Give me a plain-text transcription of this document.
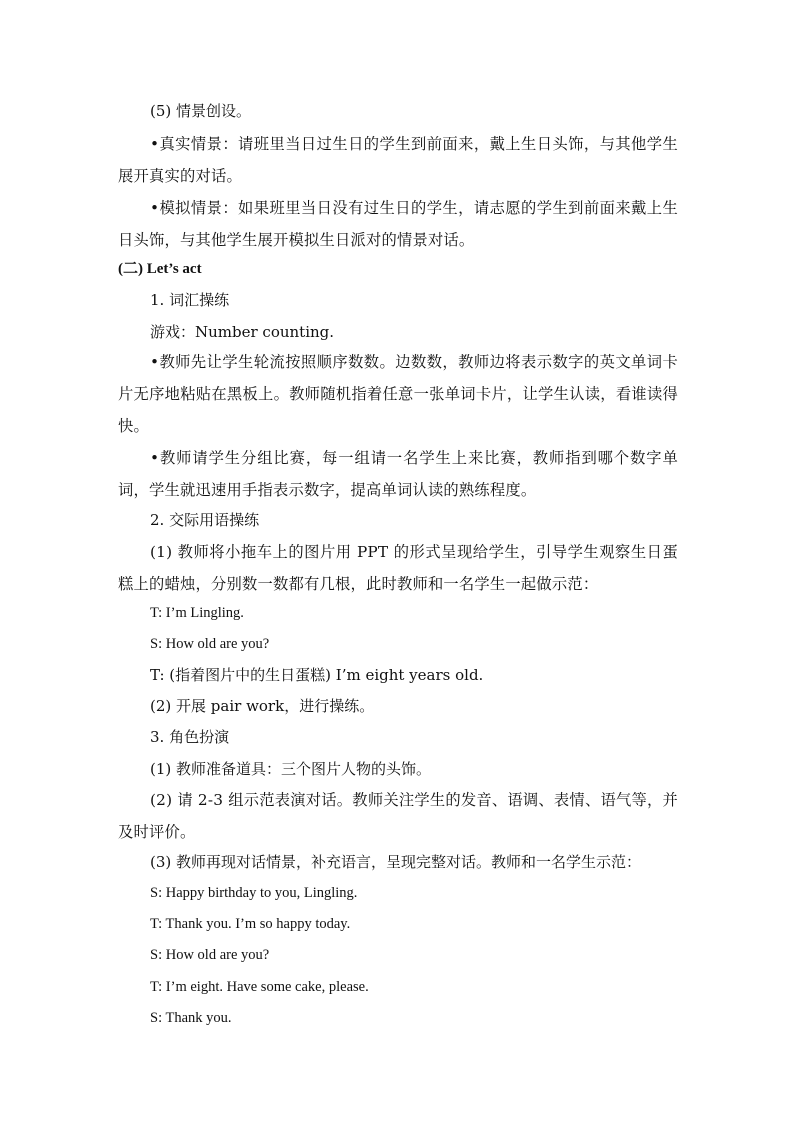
(5) 情景创设。
•真实情景：请班里当日过生日的学生到前面来，戴上生日头饰，与其他学生展开真实的对话。
•模拟情景：如果班里当日没有过生日的学生，请志愿的学生到前面来戴上生日头饰，与其他学生展开模拟生日派对的情景对话。
(二) Let’s act
1. 词汇操练
游戏：Number counting.
•教师先让学生轮流按照顺序数数。边数数，教师边将表示数字的英文单词卡片无序地粘贴在黑板上。教师随机指着任意一张单词卡片，让学生认读，看谁读得快。
•教师请学生分组比赛，每一组请一名学生上来比赛，教师指到哪个数字单词，学生就迅速用手指表示数字，提高单词认读的熟练程度。
2. 交际用语操练
(1) 教师将小拖车上的图片用 PPT 的形式呈现给学生，引导学生观察生日蛋糕上的蜡烛，分别数一数都有几根，此时教师和一名学生一起做示范：
T: I’m Lingling.
S: How old are you?
T: (指着图片中的生日蛋糕) I’m eight years old.
(2) 开展 pair work，进行操练。
3. 角色扮演
(1) 教师准备道具：三个图片人物的头饰。
(2) 请 2-3 组示范表演对话。教师关注学生的发音、语调、表情、语气等，并及时评价。
(3) 教师再现对话情景，补充语言，呈现完整对话。教师和一名学生示范：
S: Happy birthday to you, Lingling.
T: Thank you. I’m so happy today.
S: How old are you?
T: I’m eight. Have some cake, please.
S: Thank you.
